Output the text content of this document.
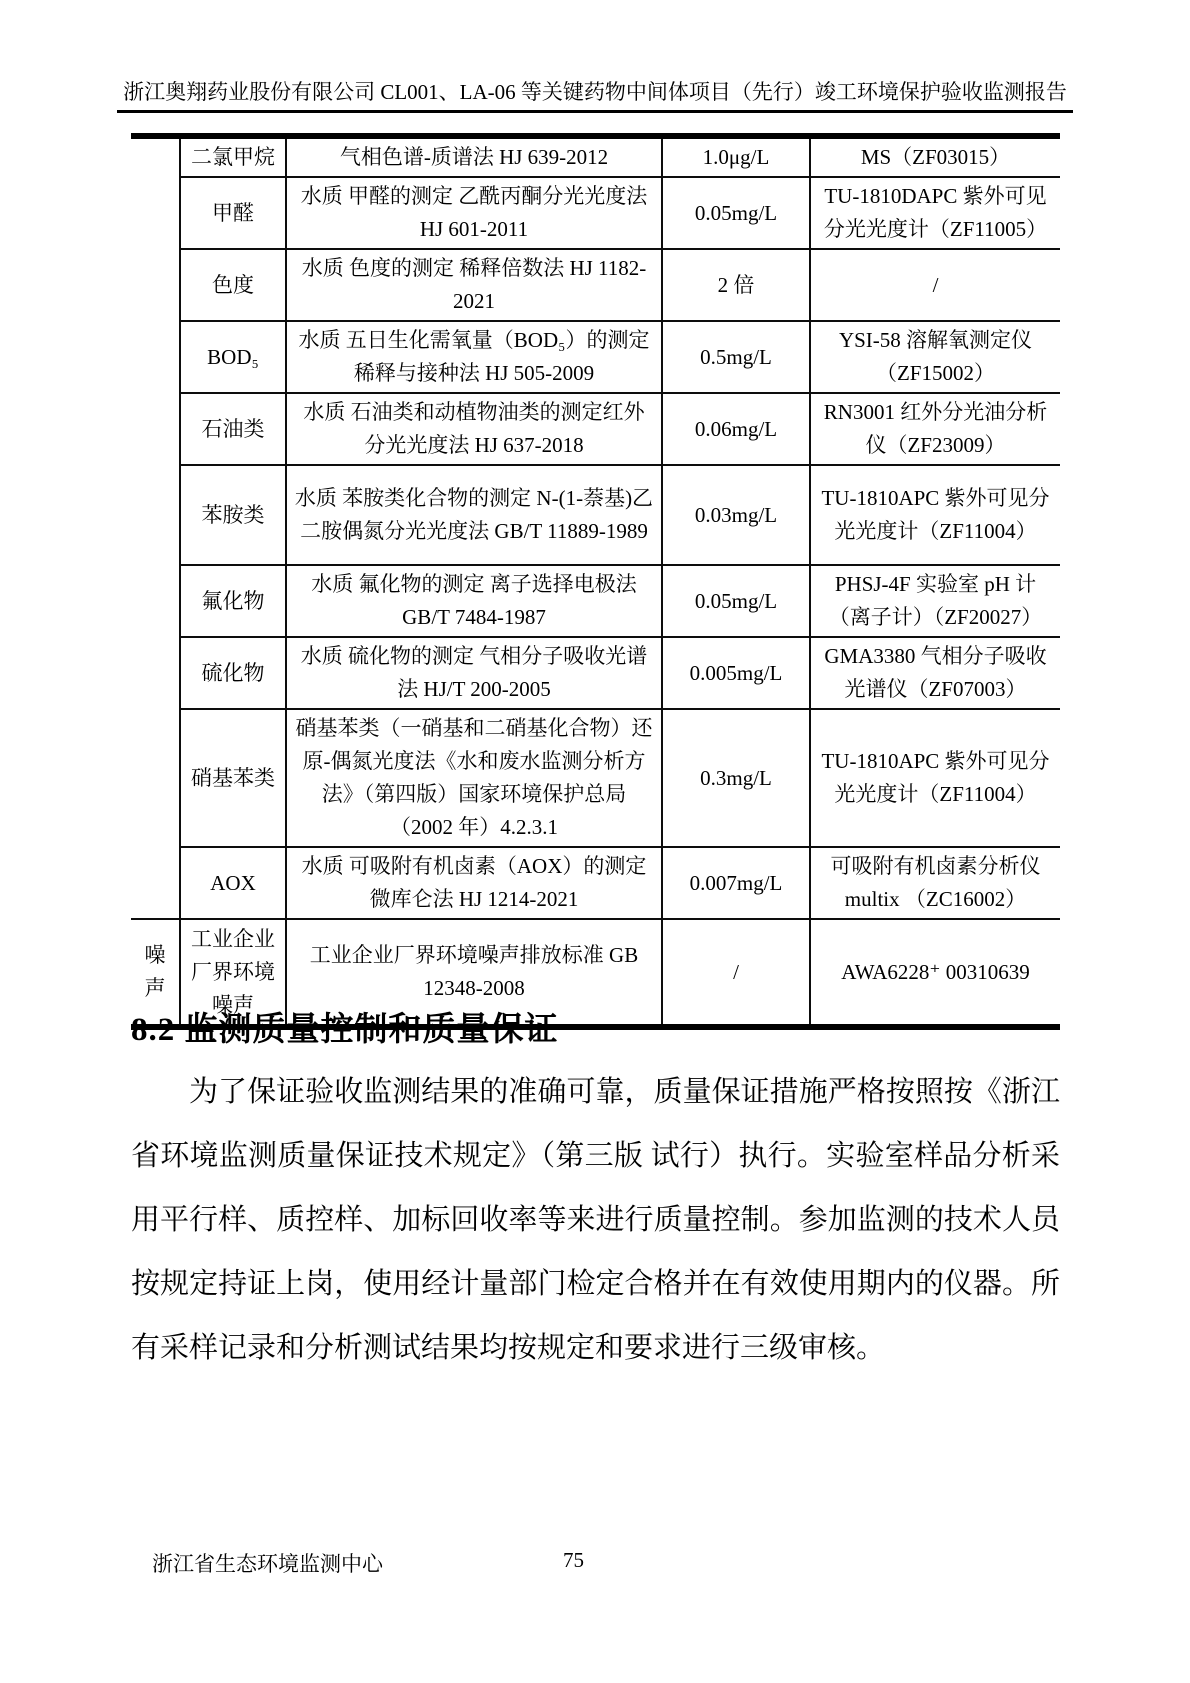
浙江奥翔药业股份有限公司 CL001、LA-06 等关键药物中间体项目（先行）竣工环境保护验收监测报告
	二氯甲烷	气相色谱-质谱法 HJ 639-2012	1.0μg/L	MS（ZF03015）
	甲醛	水质 甲醛的测定 乙酰丙酮分光光度法 HJ 601-2011	0.05mg/L	TU-1810DAPC 紫外可见分光光度计（ZF11005）
	色度	水质 色度的测定 稀释倍数法 HJ 1182-2021	2 倍	/
	BOD₅	水质 五日生化需氧量（BOD₅）的测定 稀释与接种法 HJ 505-2009	0.5mg/L	YSI-58 溶解氧测定仪（ZF15002）
	石油类	水质 石油类和动植物油类的测定红外分光光度法 HJ 637-2018	0.06mg/L	RN3001 红外分光油分析仪（ZF23009）
	苯胺类	水质 苯胺类化合物的测定 N-(1-萘基)乙二胺偶氮分光光度法 GB/T 11889-1989	0.03mg/L	TU-1810APC 紫外可见分光光度计（ZF11004）
	氟化物	水质 氟化物的测定 离子选择电极法 GB/T 7484-1987	0.05mg/L	PHSJ-4F 实验室 pH 计（离子计）（ZF20027）
	硫化物	水质 硫化物的测定 气相分子吸收光谱法 HJ/T 200-2005	0.005mg/L	GMA3380 气相分子吸收光谱仪（ZF07003）
	硝基苯类	硝基苯类（一硝基和二硝基化合物）还原-偶氮光度法《水和废水监测分析方法》（第四版）国家环境保护总局（2002 年）4.2.3.1	0.3mg/L	TU-1810APC 紫外可见分光光度计（ZF11004）
	AOX	水质 可吸附有机卤素（AOX）的测定 微库仑法 HJ 1214-2021	0.007mg/L	可吸附有机卤素分析仪 multix （ZC16002）
噪声	工业企业厂界环境噪声	工业企业厂界环境噪声排放标准 GB 12348-2008	/	AWA6228⁺ 00310639
8.2 监测质量控制和质量保证
为了保证验收监测结果的准确可靠，质量保证措施严格按照按《浙江
省环境监测质量保证技术规定》（第三版 试行）执行。实验室样品分析采
用平行样、质控样、加标回收率等来进行质量控制。参加监测的技术人员
按规定持证上岗，使用经计量部门检定合格并在有效使用期内的仪器。所
有采样记录和分析测试结果均按规定和要求进行三级审核。
浙江省生态环境监测中心	75
